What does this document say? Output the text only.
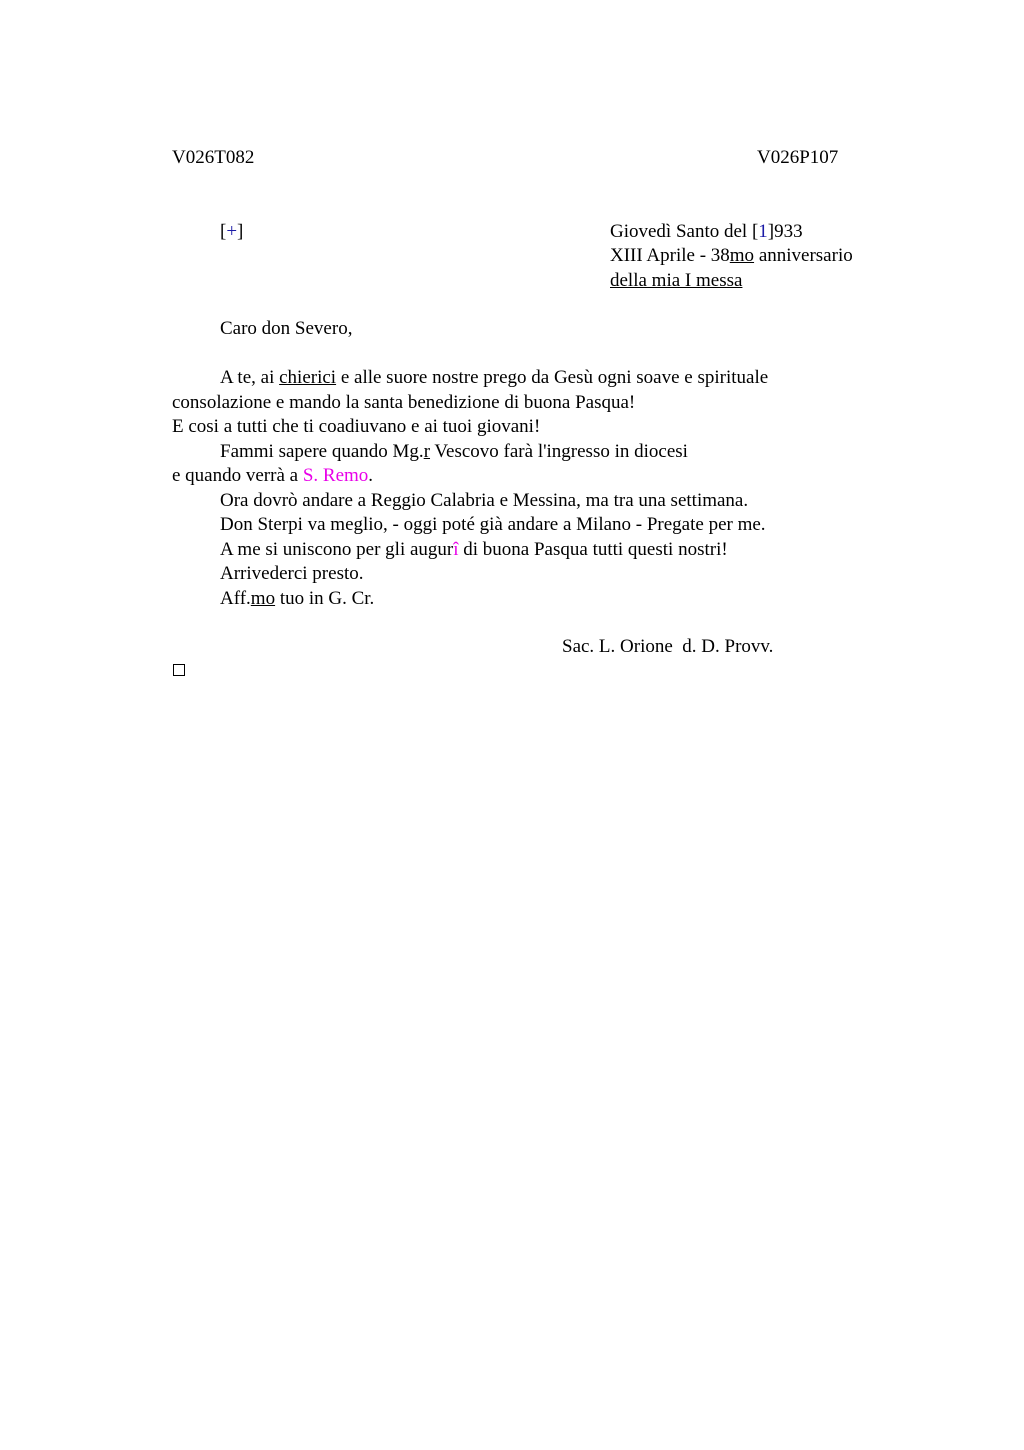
V026T082	V026P107
[+]	Giovedì Santo del [1]933
XIII Aprile - 38mo anniversario
della mia I messa
Caro don Severo,
A te, ai chierici e alle suore nostre prego da Gesù ogni soave e spirituale
consolazione e mando la santa benedizione di buona Pasqua!
E cosi a tutti che ti coadiuvano e ai tuoi giovani!
Fammi sapere quando Mg.r Vescovo farà l'ingresso in diocesi
e quando verrà a S. Remo.
Ora dovrò andare a Reggio Calabria e Messina, ma tra una settimana.
Don Sterpi va meglio, - oggi poté già andare a Milano - Pregate per me.
A me si uniscono per gli augurî di buona Pasqua tutti questi nostri!
Arrivederci presto.
Aff.mo tuo in G. Cr.
Sac. L. Orione  d. D. Provv.
